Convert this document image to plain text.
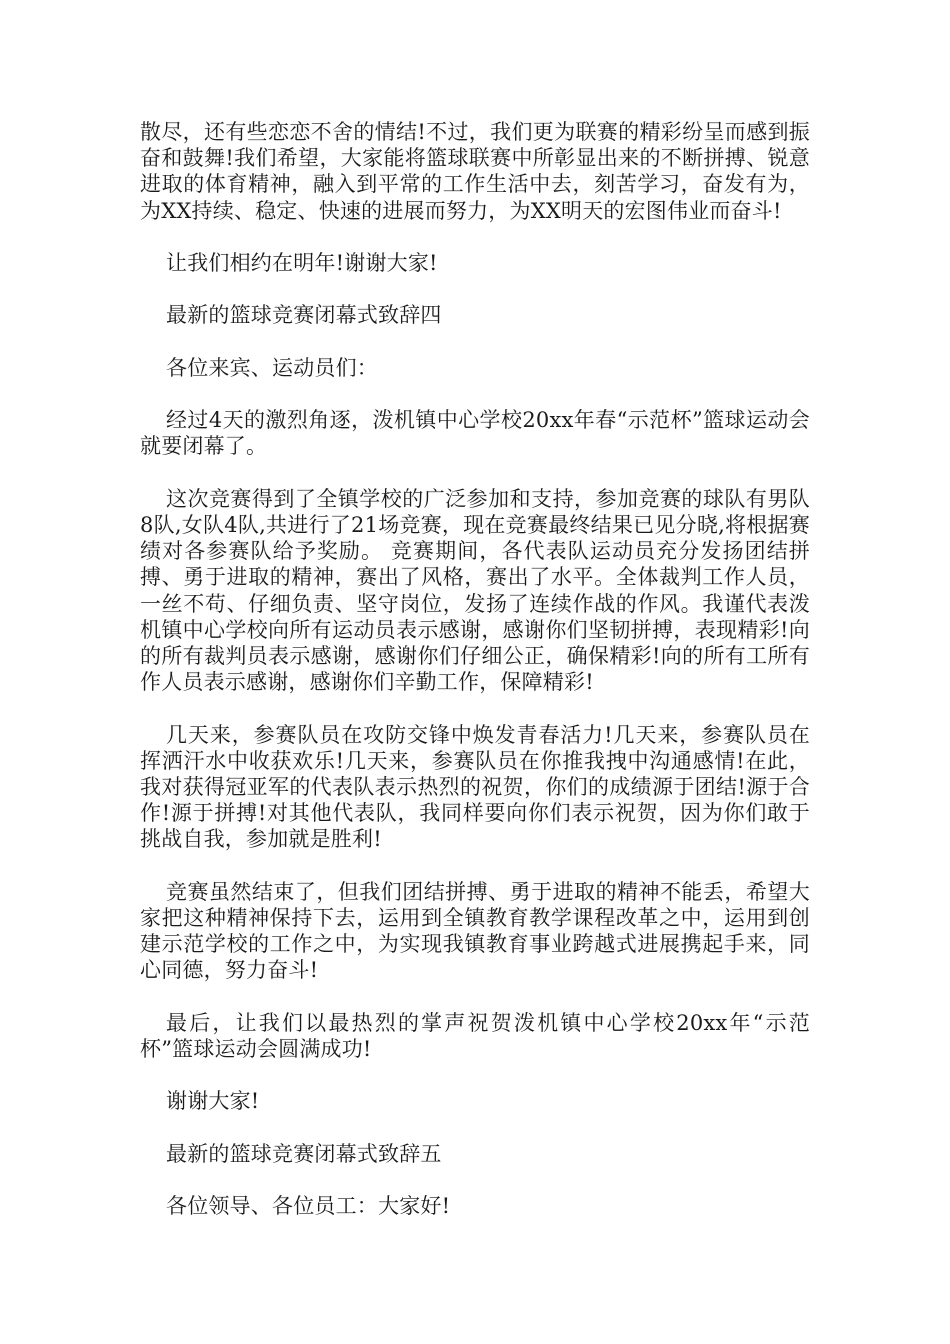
散尽，还有些恋恋不舍的情结!不过，我们更为联赛的精彩纷呈而感到振奋和鼓舞!我们希望，大家能将篮球联赛中所彰显出来的不断拼搏、锐意进取的体育精神，融入到平常的工作生活中去，刻苦学习，奋发有为，为XX持续、稳定、快速的进展而努力，为XX明天的宏图伟业而奋斗!

让我们相约在明年!谢谢大家!

最新的篮球竞赛闭幕式致辞四

各位来宾、运动员们：

经过4天的激烈角逐，泼机镇中心学校20xx年春“示范杯”篮球运动会就要闭幕了。

这次竞赛得到了全镇学校的广泛参加和支持，参加竞赛的球队有男队8队,女队4队,共进行了21场竞赛，现在竞赛最终结果已见分晓,将根据赛绩对各参赛队给予奖励。 竞赛期间，各代表队运动员充分发扬团结拼搏、勇于进取的精神，赛出了风格，赛出了水平。全体裁判工作人员，一丝不苟、仔细负责、坚守岗位，发扬了连续作战的作风。我谨代表泼机镇中心学校向所有运动员表示感谢，感谢你们坚韧拼搏，表现精彩!向的所有裁判员表示感谢，感谢你们仔细公正，确保精彩!向的所有工所有作人员表示感谢，感谢你们辛勤工作，保障精彩!

几天来，参赛队员在攻防交锋中焕发青春活力!几天来，参赛队员在挥洒汗水中收获欢乐!几天来，参赛队员在你推我拽中沟通感情!在此，我对获得冠亚军的代表队表示热烈的祝贺，你们的成绩源于团结!源于合作!源于拼搏!对其他代表队，我同样要向你们表示祝贺，因为你们敢于挑战自我，参加就是胜利!

竞赛虽然结束了，但我们团结拼搏、勇于进取的精神不能丢，希望大家把这种精神保持下去，运用到全镇教育教学课程改革之中，运用到创建示范学校的工作之中，为实现我镇教育事业跨越式进展携起手来，同心同德，努力奋斗!

最后，让我们以最热烈的掌声祝贺泼机镇中心学校20xx年“示范杯”篮球运动会圆满成功!

谢谢大家!

最新的篮球竞赛闭幕式致辞五

各位领导、各位员工：大家好!
